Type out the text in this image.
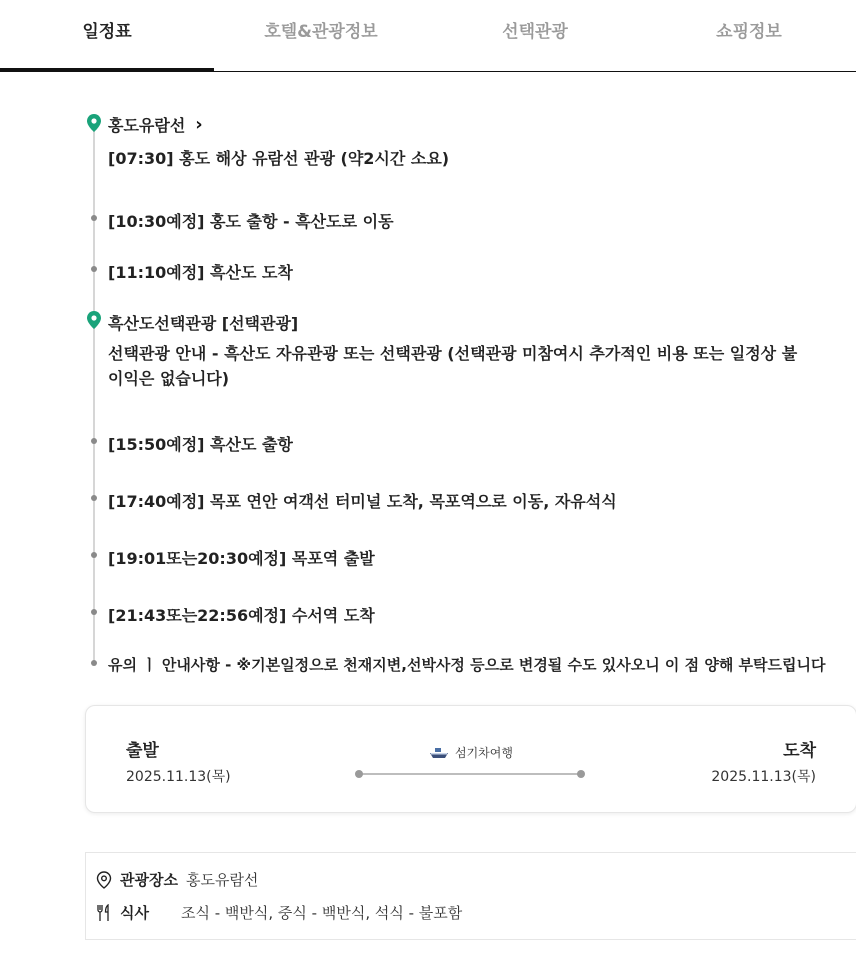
일정표	호텔&관광정보	선택관광	쇼핑정보
홍도유람선 ›
[07:30] 홍도 해상 유람선 관광 (약2시간 소요)
[10:30예정] 홍도 출항 - 흑산도로 이동
[11:10예정] 흑산도 도착
흑산도선택관광 [선택관광]
선택관광 안내 - 흑산도 자유관광 또는 선택관광 (선택관광 미참여시 추가적인 비용 또는 일정상 불이익은 없습니다)
[15:50예정] 흑산도 출항
[17:40예정] 목포 연안 여객선 터미널 도착, 목포역으로 이동, 자유석식
[19:01또는20:30예정] 목포역 출발
[21:43또는22:56예정] 수서역 도착
유의 ㅣ 안내사항 - ※기본일정으로 천재지변,선박사정 등으로 변경될 수도 있사오니 이 점 양해 부탁드립니다
출발
2025.11.13(목)
섬기차여행	도착
2025.11.13(목)
관광장소 홍도유람선
식사 조식 - 백반식, 중식 - 백반식, 석식 - 불포함
